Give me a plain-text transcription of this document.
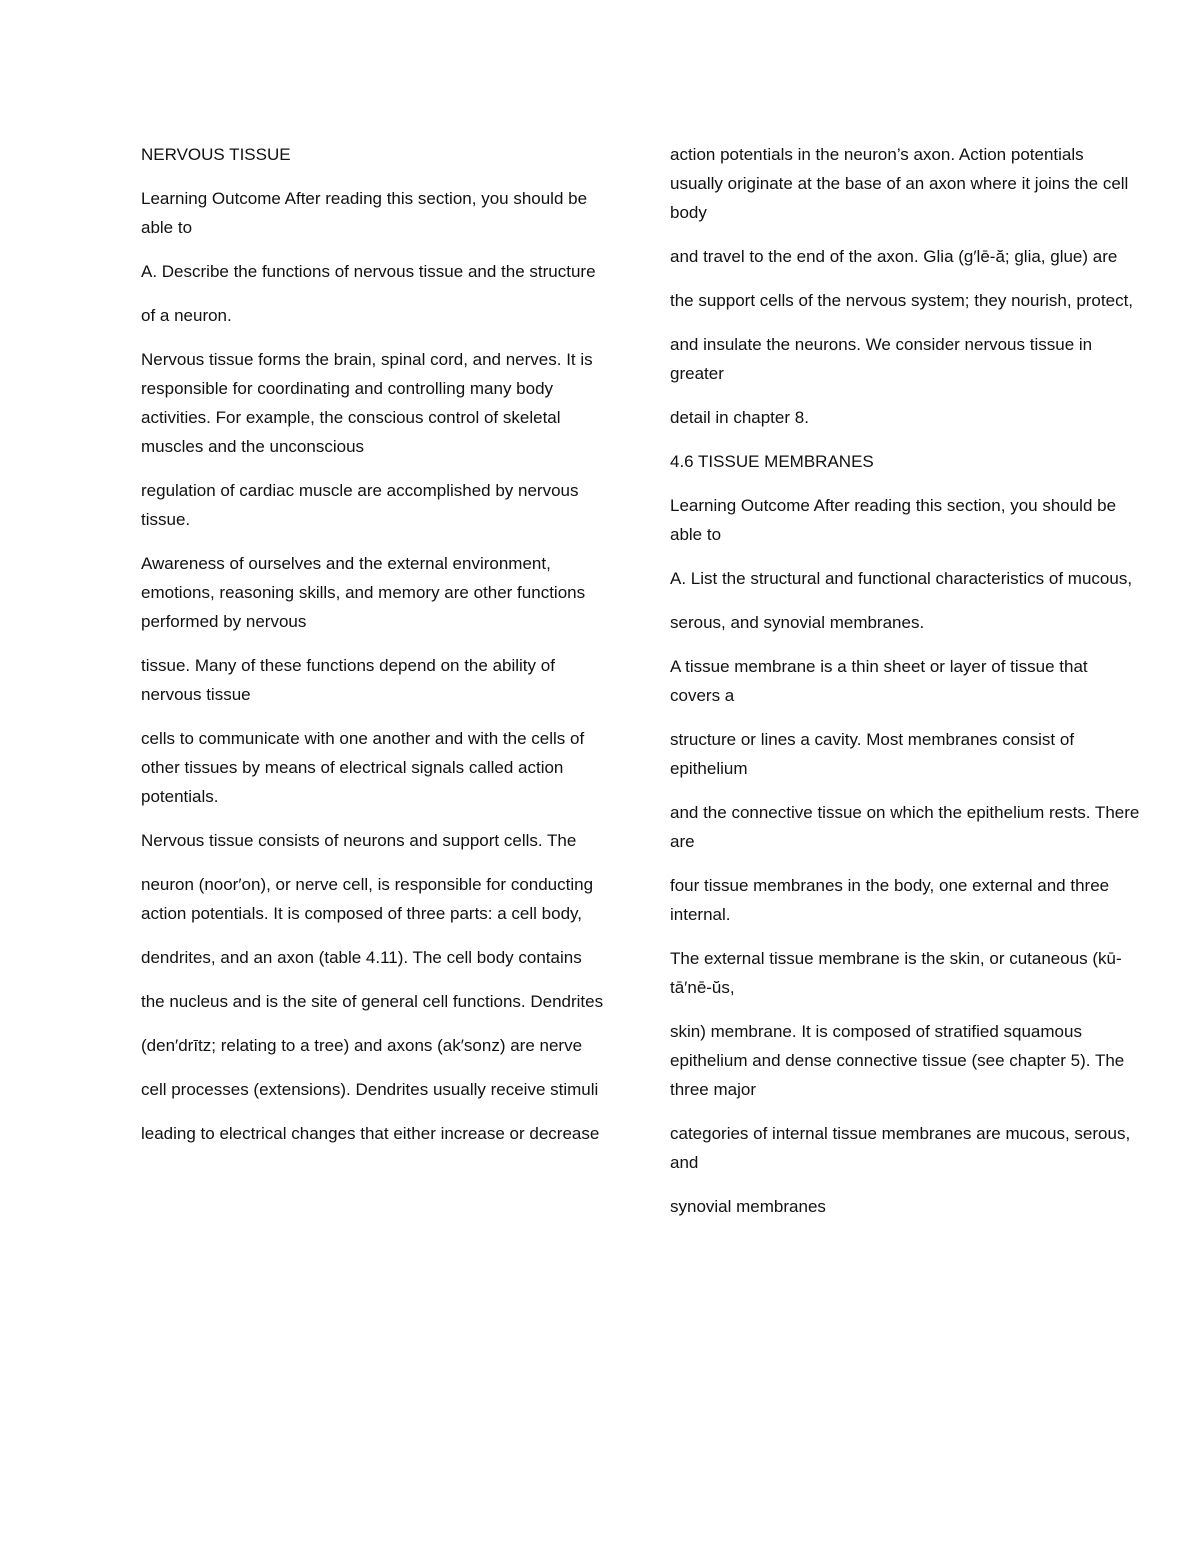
NERVOUS TISSUE

Learning Outcome After reading this section, you should be able to

A. Describe the functions of nervous tissue and the structure

of a neuron.

Nervous tissue forms the brain, spinal cord, and nerves. It is responsible for coordinating and controlling many body activities. For example, the conscious control of skeletal muscles and the unconscious

regulation of cardiac muscle are accomplished by nervous tissue.

Awareness of ourselves and the external environment, emotions, reasoning skills, and memory are other functions performed by nervous

tissue. Many of these functions depend on the ability of nervous tissue

cells to communicate with one another and with the cells of other tissues by means of electrical signals called action potentials.

Nervous tissue consists of neurons and support cells. The

neuron (noor′on), or nerve cell, is responsible for conducting action potentials. It is composed of three parts: a cell body,

dendrites, and an axon (table 4.11). The cell body contains

the nucleus and is the site of general cell functions. Dendrites

(den′drītz; relating to a tree) and axons (ak′sonz) are nerve

cell processes (extensions). Dendrites usually receive stimuli

leading to electrical changes that either increase or decrease

action potentials in the neuron’s axon. Action potentials usually originate at the base of an axon where it joins the cell body

and travel to the end of the axon. Glia (g′lē-ă; glia, glue) are

the support cells of the nervous system; they nourish, protect,

and insulate the neurons. We consider nervous tissue in greater

detail in chapter 8.

4.6 TISSUE MEMBRANES

Learning Outcome After reading this section, you should be able to

A. List the structural and functional characteristics of mucous,

serous, and synovial membranes.

A tissue membrane is a thin sheet or layer of tissue that covers a

structure or lines a cavity. Most membranes consist of epithelium

and the connective tissue on which the epithelium rests. There are

four tissue membranes in the body, one external and three internal.

The external tissue membrane is the skin, or cutaneous (kū-tā′nē-ŭs,

skin) membrane. It is composed of stratified squamous epithelium and dense connective tissue (see chapter 5). The three major

categories of internal tissue membranes are mucous, serous, and

synovial membranes
